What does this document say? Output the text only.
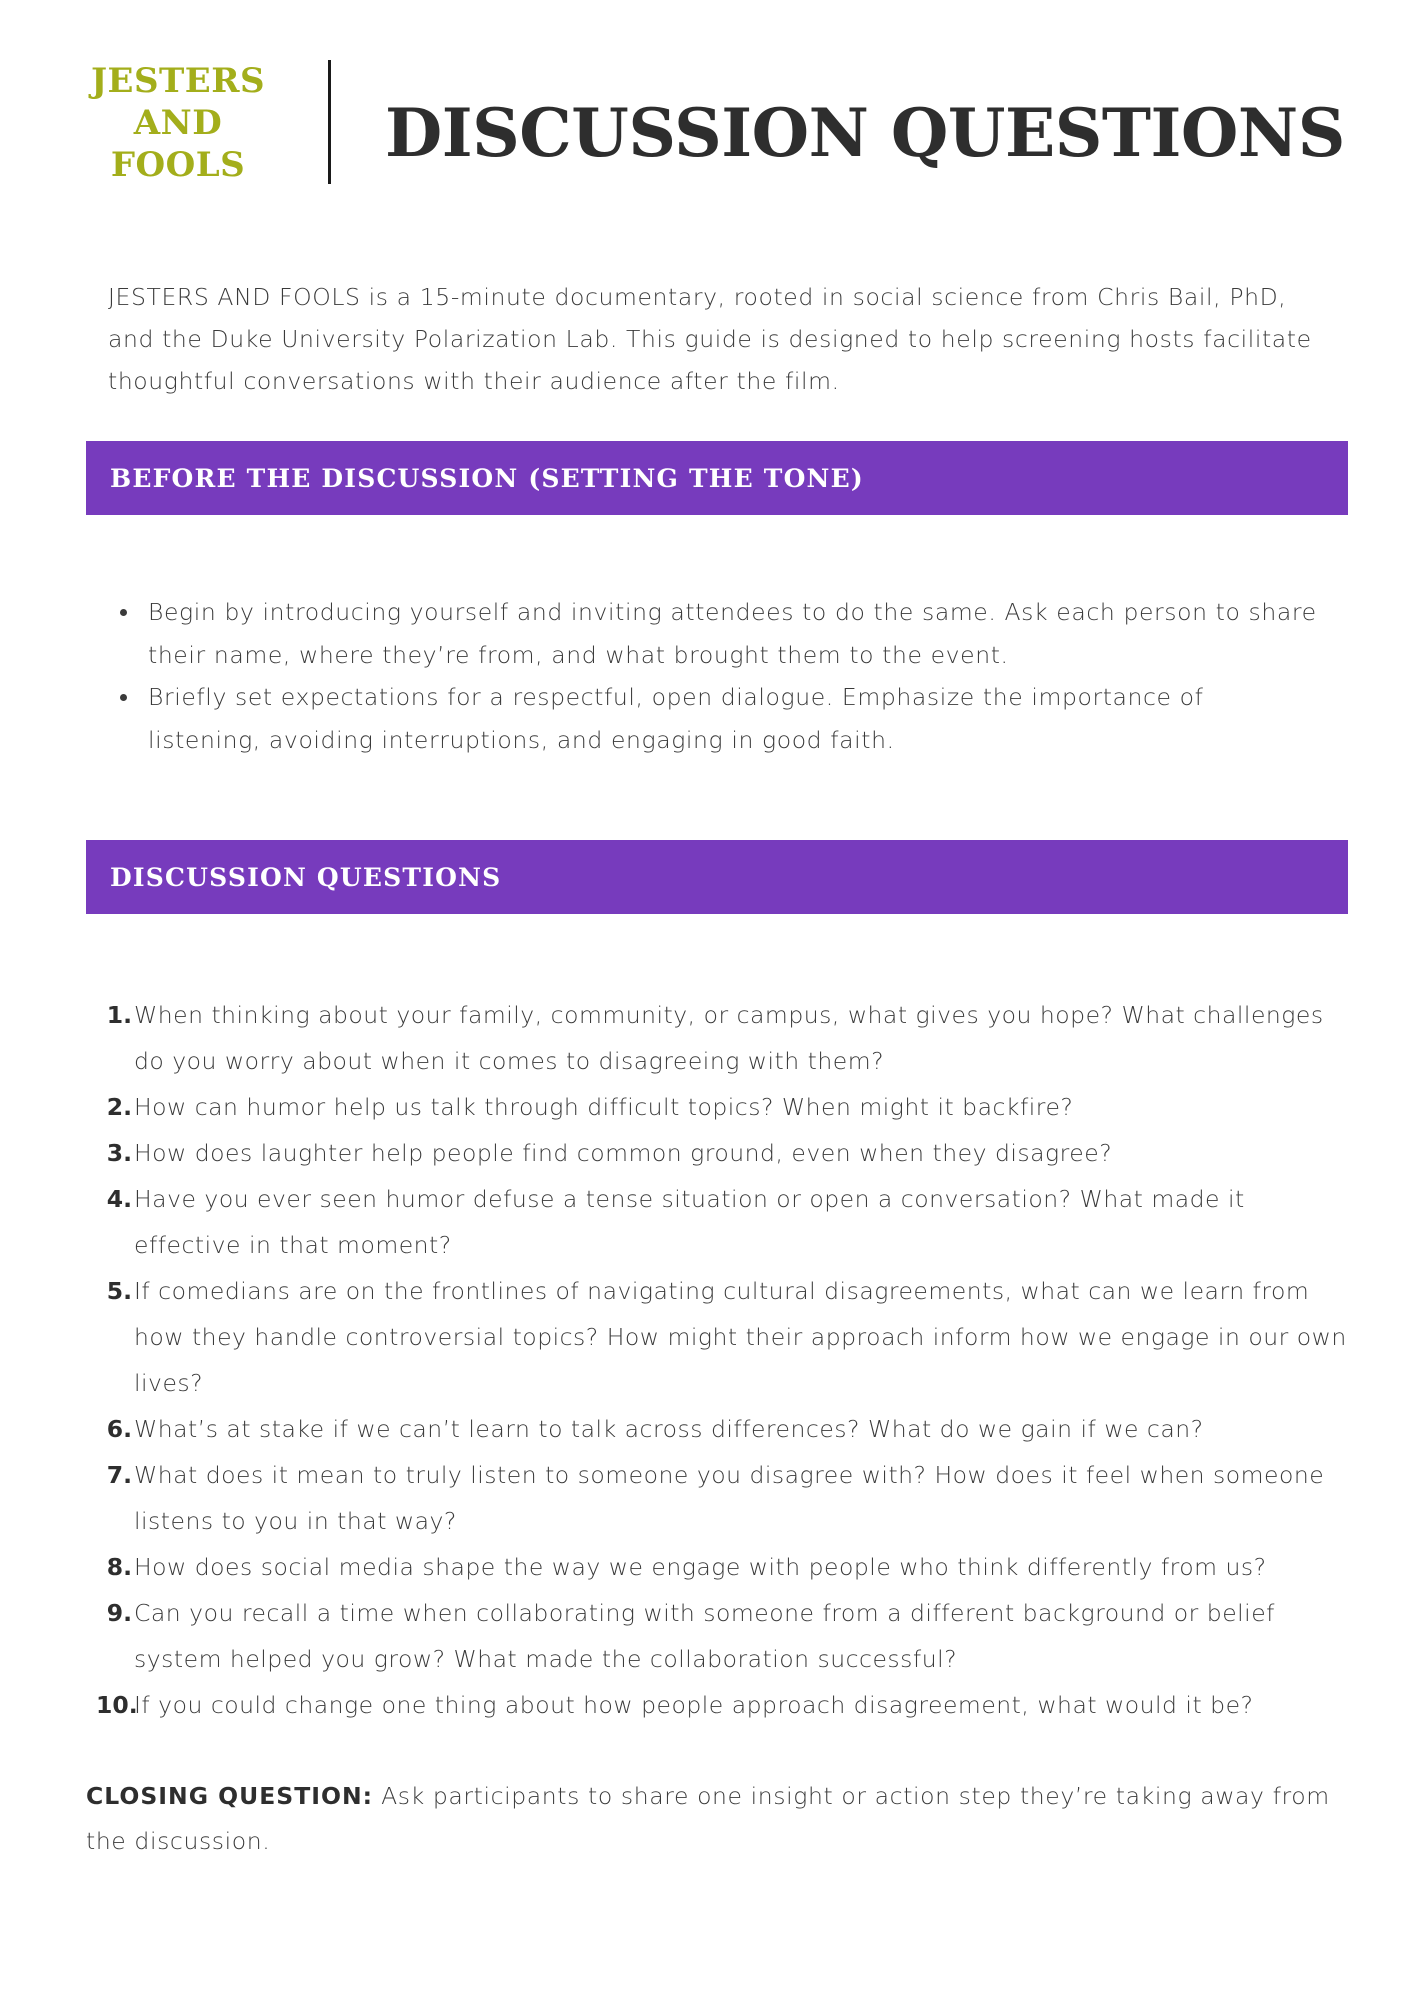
JESTERS
AND
FOOLS	DISCUSSION QUESTIONS

JESTERS AND FOOLS is a 15-minute documentary, rooted in social science from Chris Bail, PhD, and the Duke University Polarization Lab. This guide is designed to help screening hosts facilitate thoughtful conversations with their audience after the film.

BEFORE THE DISCUSSION (SETTING THE TONE)
Begin by introducing yourself and inviting attendees to do the same. Ask each person to share their name, where they’re from, and what brought them to the event.
Briefly set expectations for a respectful, open dialogue. Emphasize the importance of listening, avoiding interruptions, and engaging in good faith.
DISCUSSION QUESTIONS
1. When thinking about your family, community, or campus, what gives you hope? What challenges do you worry about when it comes to disagreeing with them?
2. How can humor help us talk through difficult topics? When might it backfire?
3. How does laughter help people find common ground, even when they disagree?
4. Have you ever seen humor defuse a tense situation or open a conversation? What made it effective in that moment?
5. If comedians are on the frontlines of navigating cultural disagreements, what can we learn from how they handle controversial topics? How might their approach inform how we engage in our own lives?
6. What’s at stake if we can’t learn to talk across differences? What do we gain if we can?
7. What does it mean to truly listen to someone you disagree with? How does it feel when someone listens to you in that way?
8. How does social media shape the way we engage with people who think differently from us?
9. Can you recall a time when collaborating with someone from a different background or belief system helped you grow? What made the collaboration successful?
10.
If you could change one thing about how people approach disagreement, what would it be?

CLOSING QUESTION: Ask participants to share one insight or action step they’re taking away from the discussion.
